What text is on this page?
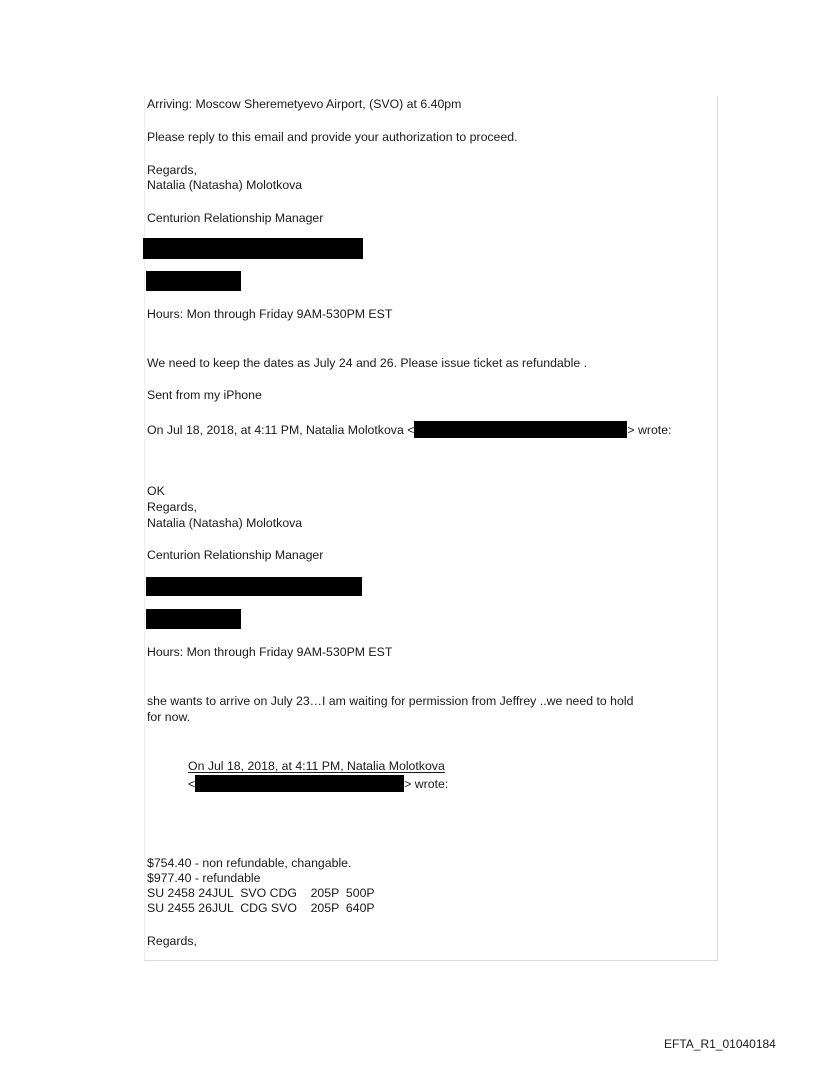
Arriving: Moscow Sheremetyevo Airport, (SVO) at 6.40pm
Please reply to this email and provide your authorization to proceed.
Regards,
Natalia (Natasha) Molotkova
Centurion Relationship Manager
Hours: Mon through Friday 9AM-530PM EST
We need to keep the dates as July 24 and 26. Please issue ticket as refundable .
Sent from my iPhone
On Jul 18, 2018, at 4:11 PM, Natalia Molotkova <	> wrote:
OK
Regards,
Natalia (Natasha) Molotkova
Centurion Relationship Manager
Hours: Mon through Friday 9AM-530PM EST
she wants to arrive on July 23…I am waiting for permission from Jeffrey ..we need to hold
for now.
On Jul 18, 2018, at 4:11 PM, Natalia Molotkova
<	> wrote:
$754.40 - non refundable, changable.
$977.40 - refundable
SU 2458 24JUL  SVO CDG    205P  500P
SU 2455 26JUL  CDG SVO    205P  640P
Regards,
EFTA_R1_01040184
